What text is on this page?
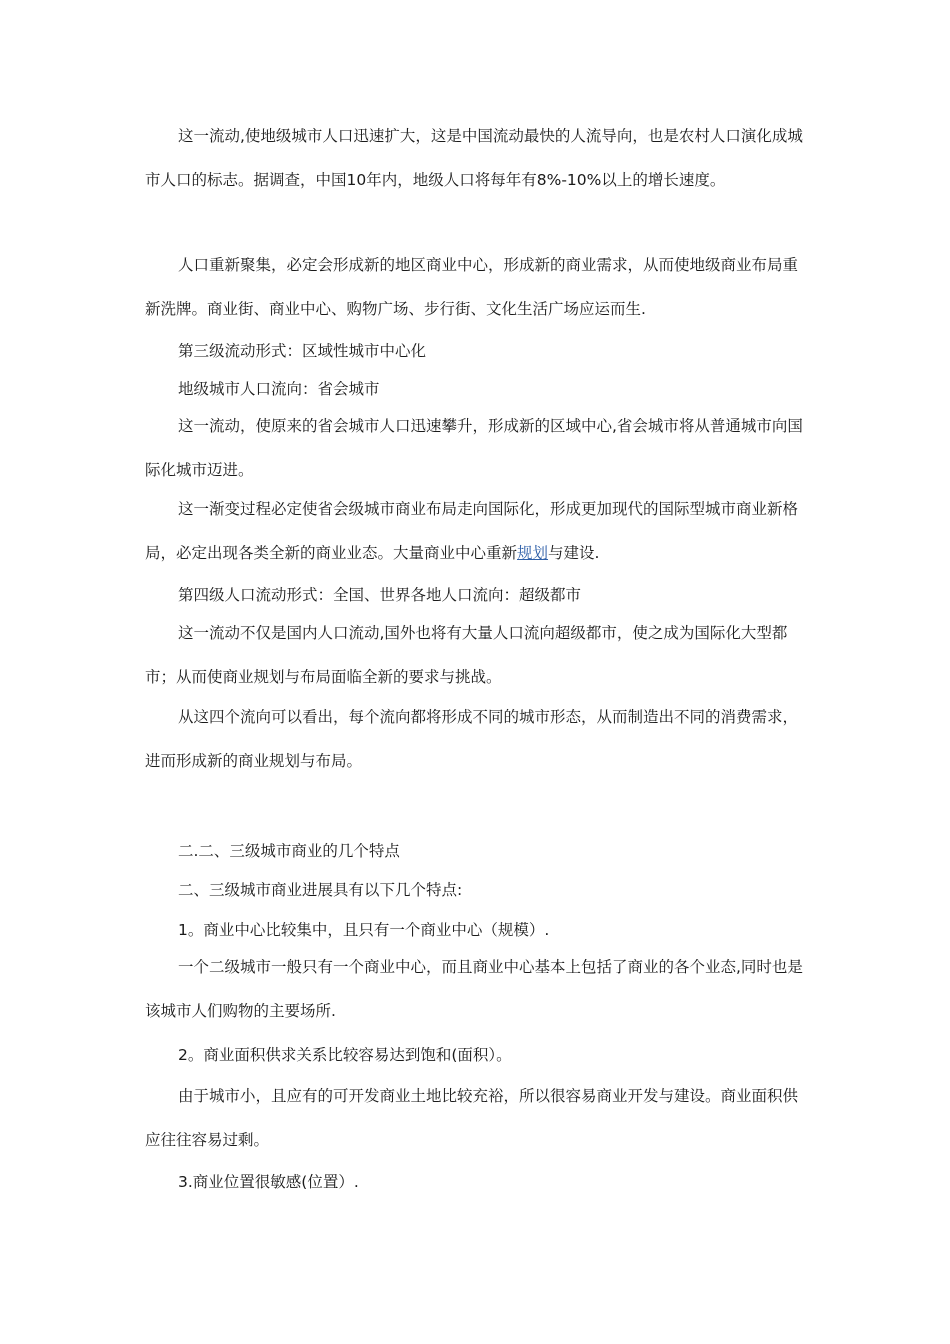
这一流动,使地级城市人口迅速扩大，这是中国流动最快的人流导向，也是农村人口演化成城市人口的标志。据调查，中国10年内，地级人口将每年有8%-10%以上的增长速度。

人口重新聚集，必定会形成新的地区商业中心，形成新的商业需求，从而使地级商业布局重新洗牌。商业街、商业中心、购物广场、步行街、文化生活广场应运而生.

第三级流动形式：区域性城市中心化

地级城市人口流向：省会城市

这一流动，使原来的省会城市人口迅速攀升，形成新的区域中心,省会城市将从普通城市向国际化城市迈进。

这一渐变过程必定使省会级城市商业布局走向国际化，形成更加现代的国际型城市商业新格局，必定出现各类全新的商业业态。大量商业中心重新规划与建设.

第四级人口流动形式：全国、世界各地人口流向：超级都市

这一流动不仅是国内人口流动,国外也将有大量人口流向超级都市，使之成为国际化大型都市；从而使商业规划与布局面临全新的要求与挑战。

从这四个流向可以看出，每个流向都将形成不同的城市形态，从而制造出不同的消费需求，进而形成新的商业规划与布局。

二.二、三级城市商业的几个特点

二、三级城市商业进展具有以下几个特点:

1。商业中心比较集中，且只有一个商业中心（规模）.

一个二级城市一般只有一个商业中心，而且商业中心基本上包括了商业的各个业态,同时也是该城市人们购物的主要场所.

2。商业面积供求关系比较容易达到饱和(面积）。

由于城市小，且应有的可开发商业土地比较充裕，所以很容易商业开发与建设。商业面积供应往往容易过剩。

3.商业位置很敏感(位置）.
